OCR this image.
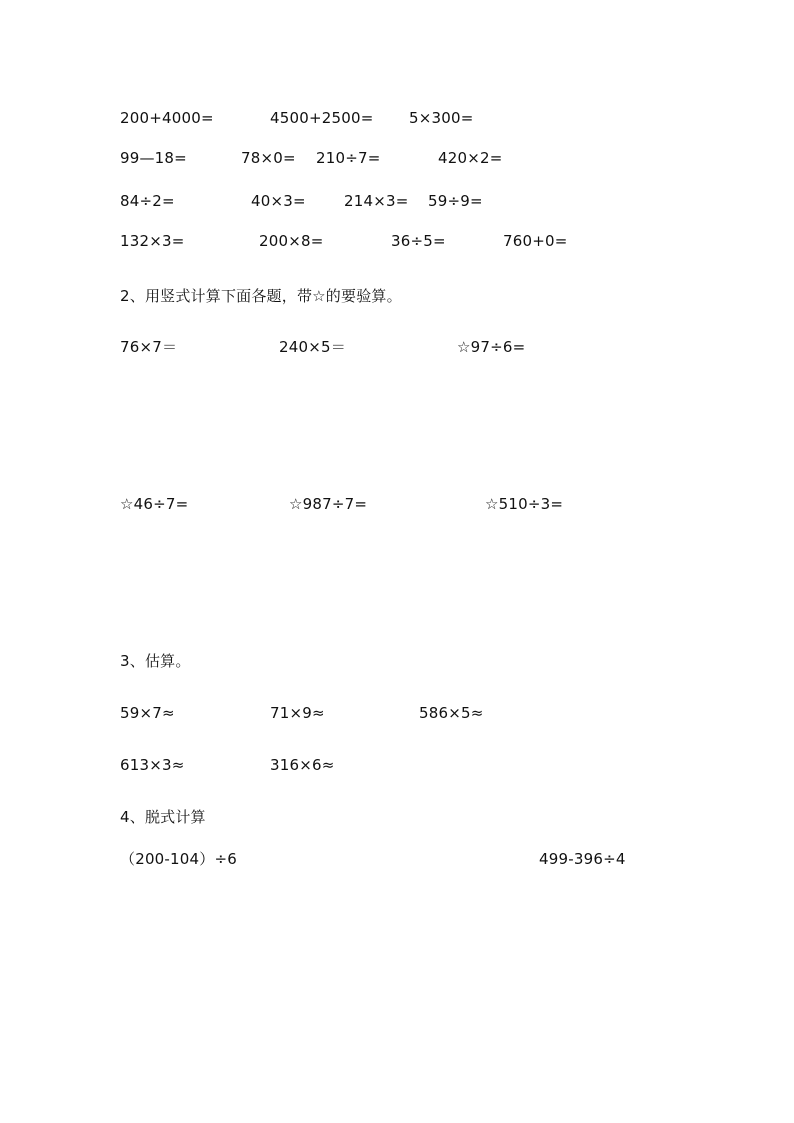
200+4000=	4500+2500= 5×300=
99—18=	78×0= 210÷7=	420×2=
84÷2=	40×3=	214×3= 59÷9=
132×3=	200×8=	36÷5=	760+0=
2、用竖式计算下面各题，带☆的要验算。
76×7＝	240×5＝	☆97÷6=
☆46÷7=	☆987÷7=	☆510÷3=
3、估算。
59×7≈	71×9≈	586×5≈
613×3≈	316×6≈
4、脱式计算
（200-104）÷6	499-396÷4
